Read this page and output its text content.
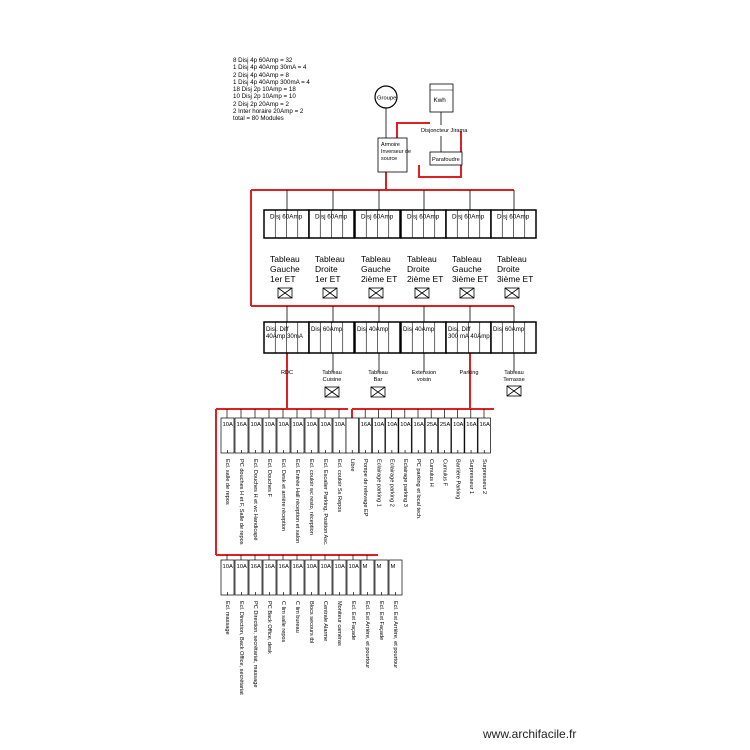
Groupe	Kwh
Disjoncteur Jirama
Parafoudre
Armoire
Inverseur de
source
Disj 60Amp
Tableau
Gauche
1er ET
Disj 60Amp
Tableau
Droite
1er ET
Disj 60Amp
Tableau
Gauche
2ième ET
Disj 60Amp
Tableau
Droite
2ième ET
Disj 60Amp
Tableau
Gauche
3ième ET
Disj 60Amp
Tableau
Droite
3ième ET
Disj. Diff
40Amp 30mA
RDC
Disj 60Amp
Tableau
Cuisine
Disj 40Amp
Tableau
Bar
Disj 40Amp
Extension
voisin
Disj. Diff
300 mA 40Amp
Parking
Disj 60Amp
Tableau
Terrasse
10A
Ecl. salle de repos
16A
PC douches H et F, Salle de repos
10A
Ecl. Douches H et wc Handicapé
10A
Ecl. Douches F
10A
Ecl. Desk et arrière réception
10A
Ecl. Entrée Hall réception et salon
10A
Ecl. couloir wc resto, réception
10A
Ecl. Escalier Parking, Position Asc.
10A
Ecl. couloir Ss Repos Libre
16A
Pompe de relevage EP
10A
Eclairage parking 1
10A
Eclairage parking 2
10A
Eclairage parking 3
16A
PC parking et local tech.
25A
Cumulus H
25A
Cumulus F
10A
Barrière Parking
16A
Surpresseur 1
16A
Surpresseur 2
10A
Ecl. massage
10A
Ecl. Direction, Back Office, secrétariat
16A
PC Direction, secrétariat, massage
16A
PC Back Office, desk
16A
C lim salle repos
16A
C lim bureau
10A
Blocs secours tbl
10A
Centrale Alarme
10A
Moniteur caméras
10A
Ecl. Ext Façade
M
Ecl. Ext Arrière, et pourtour
M
Ecl. Ext Façade
M
Ecl. Ext Arrière, et pourtour
8 Disj 4p 60Amp = 32
1 Disj 4p 40Amp 30mA = 4
2 Disj 4p 40Amp = 8
1 Disj 4p 40Amp 300mA = 4
18 Disj 2p 10Amp = 18
10 Disj 2p 10Amp = 10
2 Disj 2p 20Amp = 2
2 Inter horaire 20Amp = 2
total = 80 Modules
www.archifacile.fr
